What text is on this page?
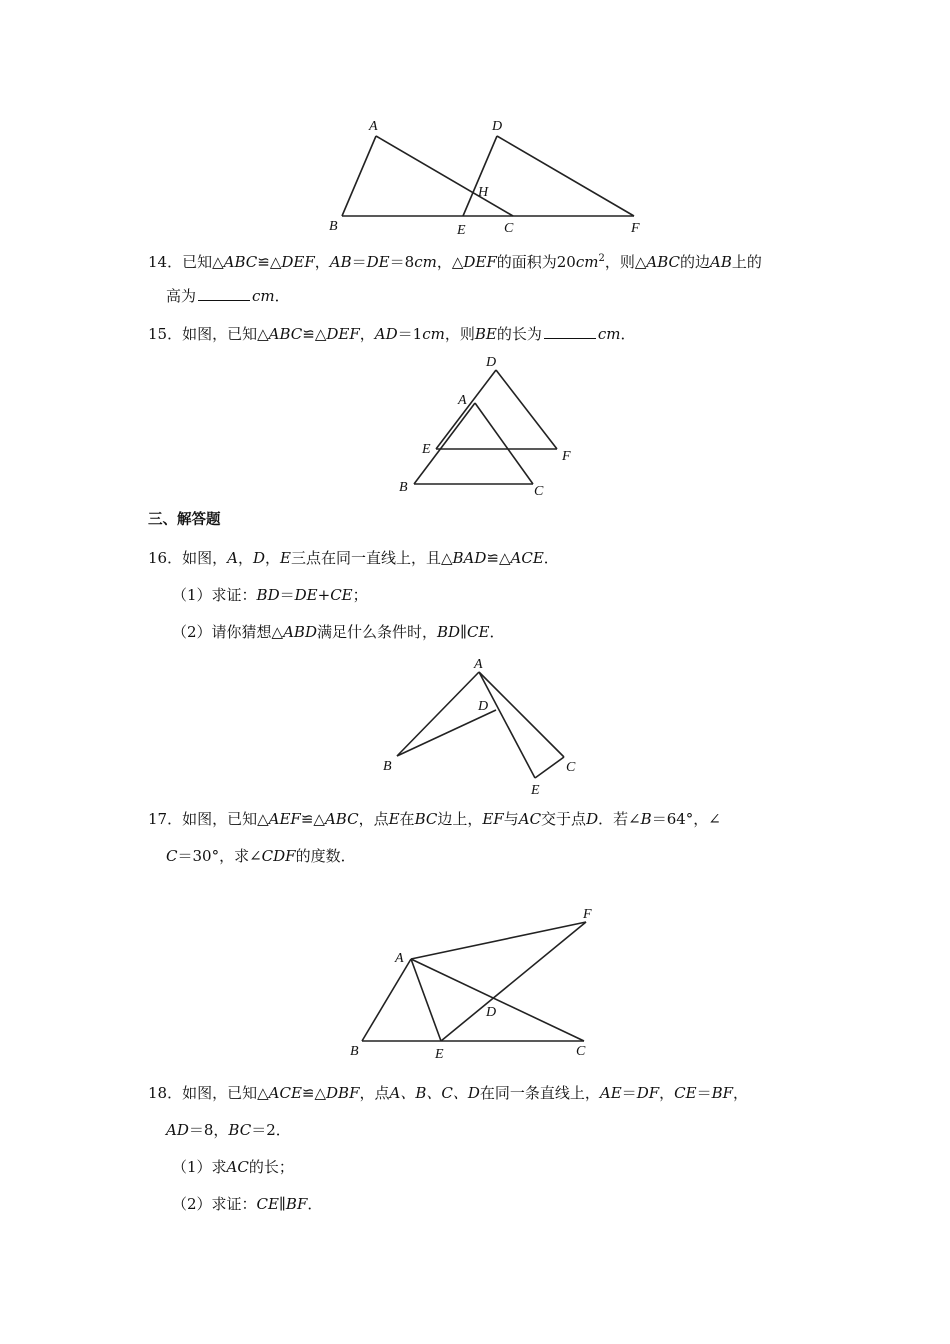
A
B	C
D
E	F
H
14．已知△ABC≌△DEF，AB＝DE＝8cm，△DEF的面积为$20cm^2$，则△ABC的边AB上的
高为	cm．
15．如图，已知△ABC≌△DEF，AD＝1cm，则BE的长为	cm．
D
A
E	F
B	C
三、解答题
16．如图，A，D，E三点在同一直线上，且△BAD≌△ACE．
（1）求证：BD＝DE+CE；
（2）请你猜想△ABD满足什么条件时，BD∥CE．
A
D
B	C
E
17．如图，已知△AEF≌△ABC，点E在BC边上，EF与AC交于点D．若∠B＝64°，∠
C＝30°，求∠CDF的度数．
A
F
D
B	E	C
18．如图，已知△ACE≌△DBF，点A、B、C、D在同一条直线上，AE＝DF，CE＝BF，
AD＝8，BC＝2．
（1）求AC的长；
（2）求证：CE∥BF．
